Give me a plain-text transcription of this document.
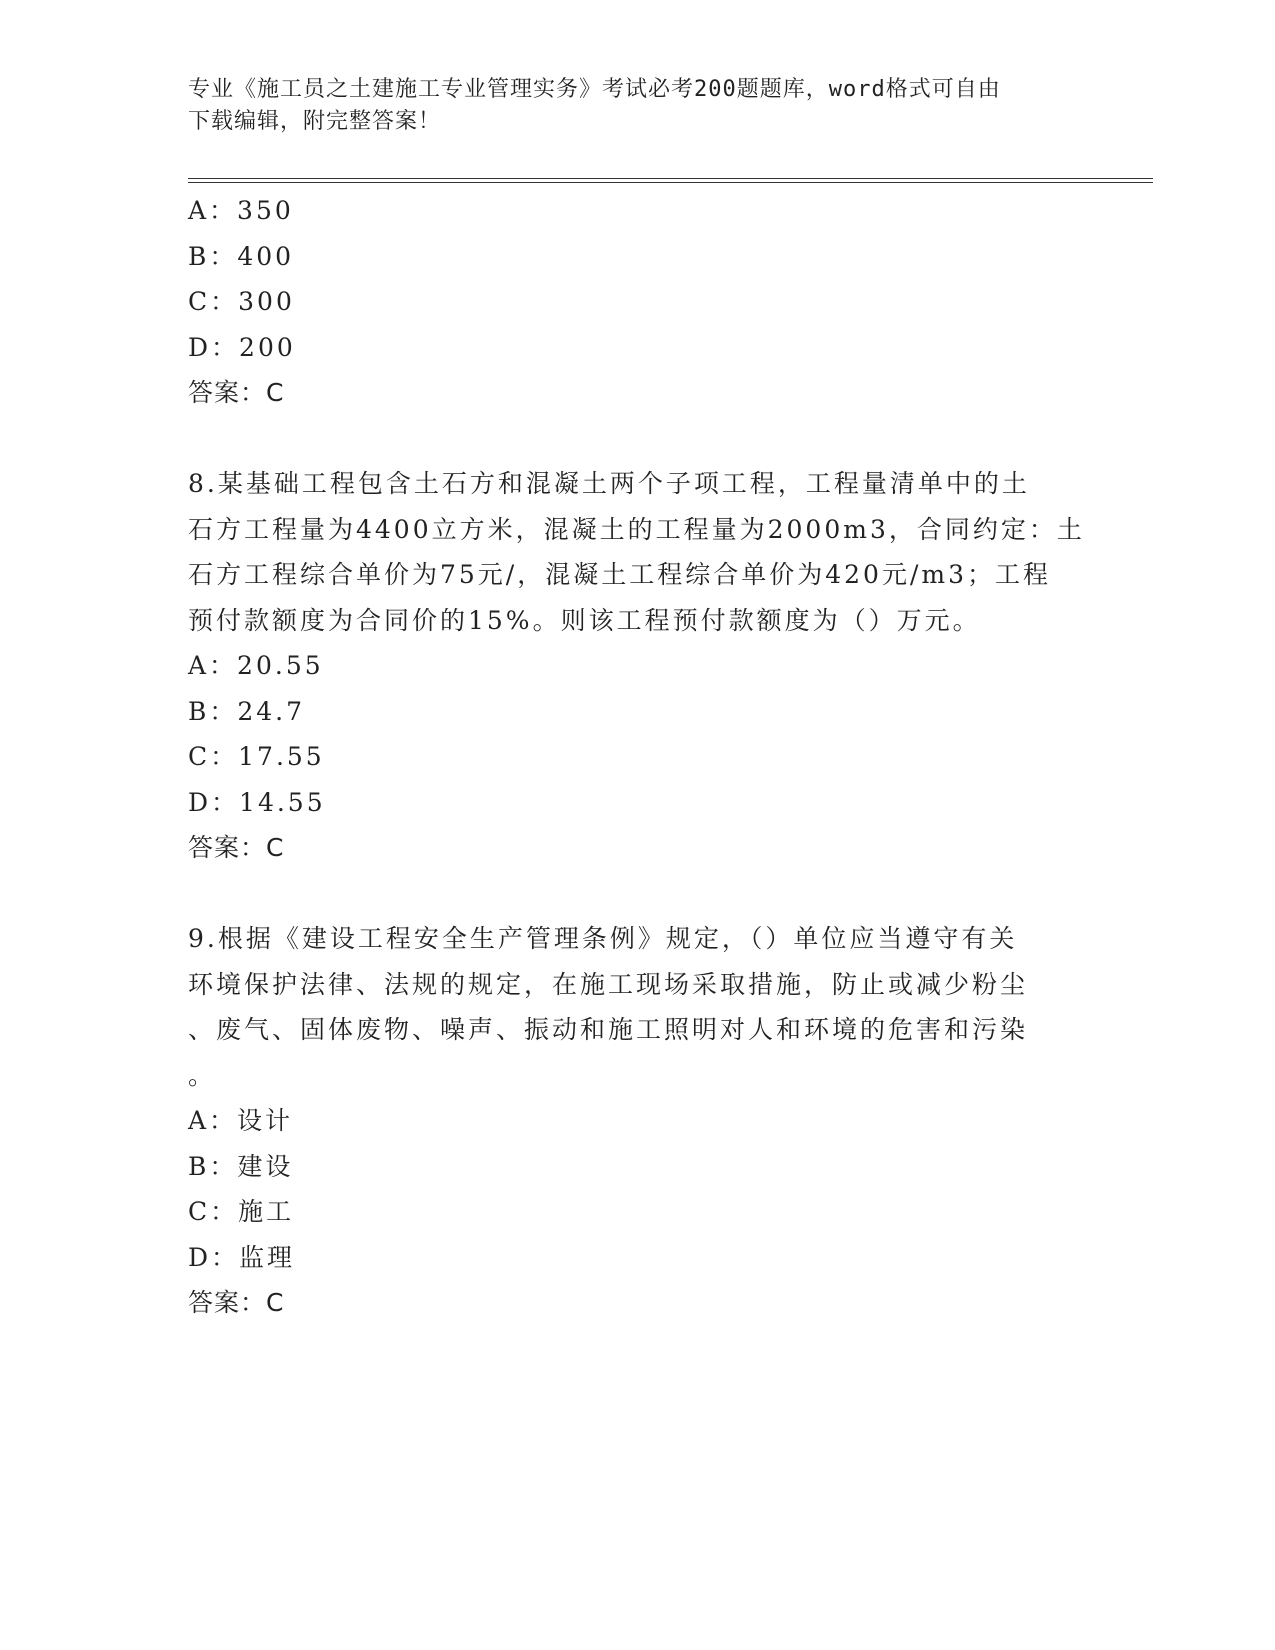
专业《施工员之土建施工专业管理实务》考试必考200题题库，word格式可自由
下载编辑，附完整答案！
A：350
B：400
C：300
D：200
答案：C
8.某基础工程包含土石方和混凝土两个子项工程，工程量清单中的土
石方工程量为4400立方米，混凝土的工程量为2000m3，合同约定：土
石方工程综合单价为75元/，混凝土工程综合单价为420元/m3；工程
预付款额度为合同价的15%。则该工程预付款额度为（）万元。
A：20.55
B：24.7
C：17.55
D：14.55
答案：C
9.根据《建设工程安全生产管理条例》规定，（）单位应当遵守有关
环境保护法律、法规的规定，在施工现场采取措施，防止或减少粉尘
、废气、固体废物、噪声、振动和施工照明对人和环境的危害和污染
。
A：设计
B：建设
C：施工
D：监理
答案：C
